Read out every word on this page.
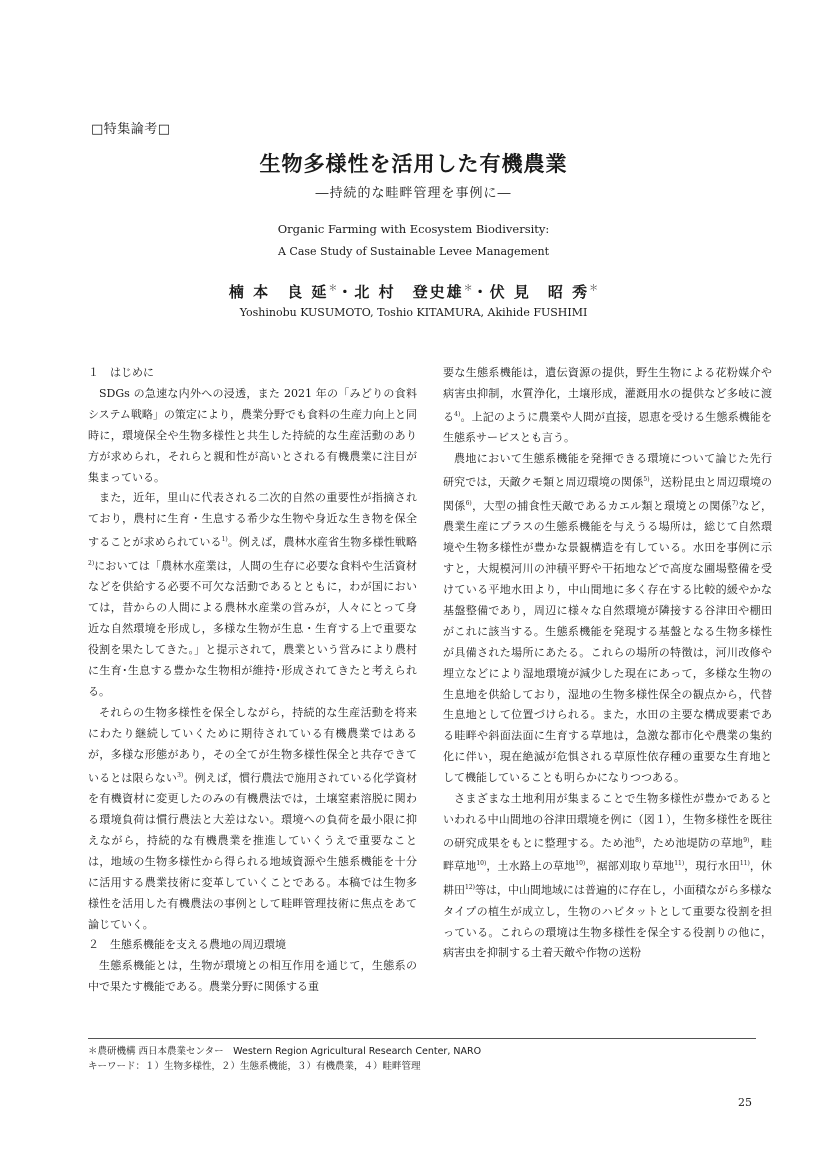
□特集論考□
生物多様性を活用した有機農業
―持続的な畦畔管理を事例に―
Organic Farming with Ecosystem Biodiversity:
A Case Study of Sustainable Levee Management
楠 本　良 延＊・北 村　登史雄＊・伏 見　昭 秀＊
Yoshinobu KUSUMOTO, Toshio KITAMURA, Akihide FUSHIMI
１　はじめに

SDGs の急速な内外への浸透，また 2021 年の「みどりの食料システム戦略」の策定により，農業分野でも食料の生産力向上と同時に，環境保全や生物多様性と共生した持続的な生産活動のあり方が求められ，それらと親和性が高いとされる有機農業に注目が集まっている。

また，近年，里山に代表される二次的自然の重要性が指摘されており，農村に生育・生息する希少な生物や身近な生き物を保全することが求められている$^{1)}$。例えば，農林水産省生物多様性戦略$^{2)}$においては「農林水産業は，人間の生存に必要な食料や生活資材などを供給する必要不可欠な活動であるとともに，わが国においては，昔からの人間による農林水産業の営みが，人々にとって身近な自然環境を形成し，多様な生物が生息・生育する上で重要な役割を果たしてきた。」と提示されて，農業という営みにより農村に生育･生息する豊かな生物相が維持･形成されてきたと考えられる。

それらの生物多様性を保全しながら，持続的な生産活動を将来にわたり継続していくために期待されている有機農業ではあるが，多様な形態があり，その全てが生物多様性保全と共存できているとは限らない$^{3)}$。例えば，慣行農法で施用されている化学資材を有機資材に変更したのみの有機農法では，土壌窒素溶脱に関わる環境負荷は慣行農法と大差はない。環境への負荷を最小限に抑えながら，持続的な有機農業を推進していくうえで重要なことは，地域の生物多様性から得られる地域資源や生態系機能を十分に活用する農業技術に変革していくことである。本稿では生物多様性を活用した有機農法の事例として畦畔管理技術に焦点をあて論じていく。

２　生態系機能を支える農地の周辺環境

生態系機能とは，生物が環境との相互作用を通じて，生態系の中で果たす機能である。農業分野に関係する重

要な生態系機能は，遺伝資源の提供，野生生物による花粉媒介や病害虫抑制，水質浄化，土壌形成，灌漑用水の提供など多岐に渡る$^{4)}$。上記のように農業や人間が直接，恩恵を受ける生態系機能を生態系サービスとも言う。

農地において生態系機能を発揮できる環境について論じた先行研究では，天敵クモ類と周辺環境の関係$^{5)}$，送粉昆虫と周辺環境の関係$^{6)}$，大型の捕食性天敵であるカエル類と環境との関係$^{7)}$など，農業生産にプラスの生態系機能を与えうる場所は，総じて自然環境や生物多様性が豊かな景観構造を有している。水田を事例に示すと，大規模河川の沖積平野や干拓地などで高度な圃場整備を受けている平地水田より，中山間地に多く存在する比較的緩やかな基盤整備であり，周辺に様々な自然環境が隣接する谷津田や棚田がこれに該当する。生態系機能を発現する基盤となる生物多様性が具備された場所にあたる。これらの場所の特徴は，河川改修や埋立などにより湿地環境が減少した現在にあって，多様な生物の生息地を供給しており，湿地の生物多様性保全の観点から，代替生息地として位置づけられる。また，水田の主要な構成要素である畦畔や斜面法面に生育する草地は，急激な都市化や農業の集約化に伴い，現在絶滅が危惧される草原性依存種の重要な生育地として機能していることも明らかになりつつある。

さまざまな土地利用が集まることで生物多様性が豊かであるといわれる中山間地の谷津田環境を例に（図１），生物多様性を既往の研究成果をもとに整理する。ため池$^{8)}$，ため池堤防の草地$^{9)}$，畦畔草地$^{10)}$，土水路上の草地$^{10)}$，裾部刈取り草地$^{11)}$，現行水田$^{11)}$，休耕田$^{12)}$等は，中山間地域には普遍的に存在し，小面積ながら多様なタイプの植生が成立し，生物のハビタットとして重要な役割を担っている。これらの環境は生物多様性を保全する役割りの他に，病害虫を抑制する土着天敵や作物の送粉

＊農研機構 西日本農業センター　Western Region Agricultural Research Center, NARO
キーワード：１）生物多様性，２）生態系機能，３）有機農業，４）畦畔管理
25
